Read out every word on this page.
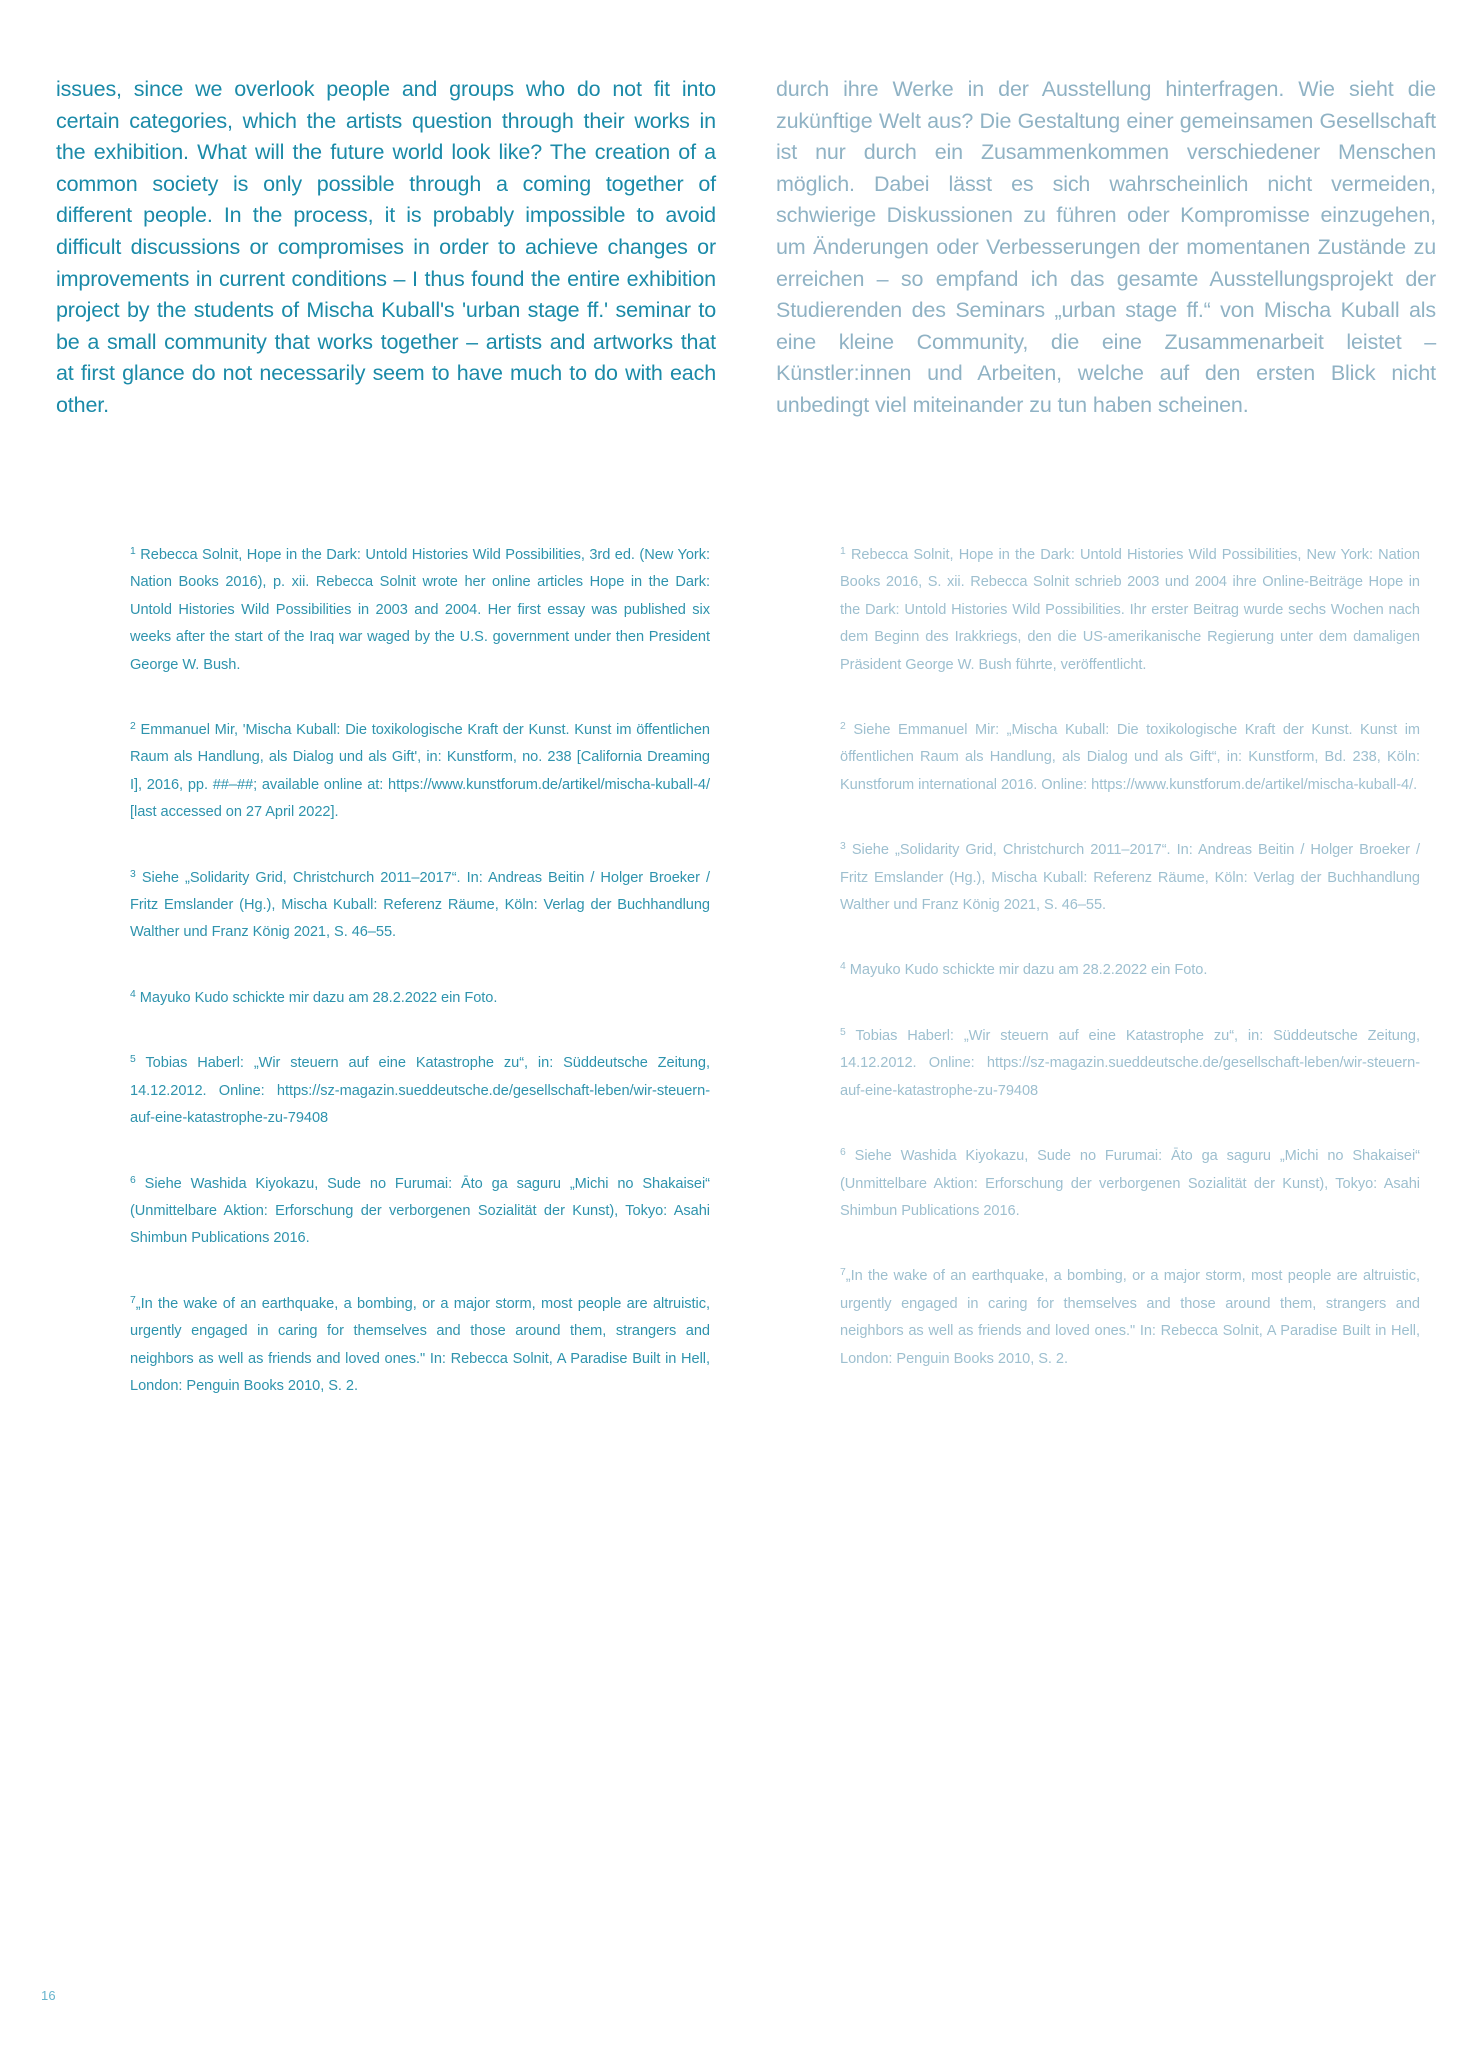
issues, since we overlook people and groups who do not fit into certain categories, which the artists question through their works in the exhibition. What will the future world look like? The creation of a common society is only possible through a coming together of different people. In the process, it is probably impossible to avoid difficult discussions or compromises in order to achieve changes or improvements in current conditions – I thus found the entire exhibition project by the students of Mischa Kuball's 'urban stage ff.' seminar to be a small community that works together – artists and artworks that at first glance do not necessarily seem to have much to do with each other.

durch ihre Werke in der Ausstellung hinterfragen. Wie sieht die zukünftige Welt aus? Die Gestaltung einer gemeinsamen Gesellschaft ist nur durch ein Zusammenkommen verschiedener Menschen möglich. Dabei lässt es sich wahrscheinlich nicht vermeiden, schwierige Diskussionen zu führen oder Kompromisse einzugehen, um Änderungen oder Verbesserungen der momentanen Zustände zu erreichen – so empfand ich das gesamte Ausstellungsprojekt der Studierenden des Seminars „urban stage ff.“ von Mischa Kuball als eine kleine Community, die eine Zusammenarbeit leistet – Künstler:innen und Arbeiten, welche auf den ersten Blick nicht unbedingt viel miteinander zu tun haben scheinen.

$^1$ Rebecca Solnit, Hope in the Dark: Untold Histories Wild Possibilities, 3rd ed. (New York: Nation Books 2016), p. xii. Rebecca Solnit wrote her online articles Hope in the Dark: Untold Histories Wild Possibilities in 2003 and 2004. Her first essay was published six weeks after the start of the Iraq war waged by the U.S. government under then President George W. Bush.

$^2$ Emmanuel Mir, 'Mischa Kuball: Die toxikologische Kraft der Kunst. Kunst im öffentlichen Raum als Handlung, als Dialog und als Gift', in: Kunstform, no. 238 [California Dreaming I], 2016, pp. ##–##; available online at: https://www.kunstforum.de/artikel/mischa-kuball-4/ [last accessed on 27 April 2022].

$^3$ Siehe „Solidarity Grid, Christchurch 2011–2017“. In: Andreas Beitin / Holger Broeker / Fritz Emslander (Hg.), Mischa Kuball: Referenz Räume, Köln: Verlag der Buchhandlung Walther und Franz König 2021, S. 46–55.

$^4$ Mayuko Kudo schickte mir dazu am 28.2.2022 ein Foto.

$^5$ Tobias Haberl: „Wir steuern auf eine Katastrophe zu“, in: Süddeutsche Zeitung, 14.12.2012. Online: https://sz-magazin.sueddeutsche.de/gesellschaft-leben/wir-steuern-auf-eine-katastrophe-zu-79408

$^6$ Siehe Washida Kiyokazu, Sude no Furumai: Āto ga saguru „Michi no Shakaisei“ (Unmittelbare Aktion: Erforschung der verborgenen Sozialität der Kunst), Tokyo: Asahi Shimbun Publications 2016.

$^7$„In the wake of an earthquake, a bombing, or a major storm, most people are altruistic, urgently engaged in caring for themselves and those around them, strangers and neighbors as well as friends and loved ones." In: Rebecca Solnit, A Paradise Built in Hell, London: Penguin Books 2010, S. 2.

$^1$ Rebecca Solnit, Hope in the Dark: Untold Histories Wild Possibilities, New York: Nation Books 2016, S. xii. Rebecca Solnit schrieb 2003 und 2004 ihre Online-Beiträge Hope in the Dark: Untold Histories Wild Possibilities. Ihr erster Beitrag wurde sechs Wochen nach dem Beginn des Irakkriegs, den die US-amerikanische Regierung unter dem damaligen Präsident George W. Bush führte, veröffentlicht.

$^2$ Siehe Emmanuel Mir: „Mischa Kuball: Die toxikologische Kraft der Kunst. Kunst im öffentlichen Raum als Handlung, als Dialog und als Gift“, in: Kunstform, Bd. 238, Köln: Kunstforum international 2016. Online: https://www.kunstforum.de/artikel/mischa-kuball-4/.

$^3$ Siehe „Solidarity Grid, Christchurch 2011–2017“. In: Andreas Beitin / Holger Broeker / Fritz Emslander (Hg.), Mischa Kuball: Referenz Räume, Köln: Verlag der Buchhandlung Walther und Franz König 2021, S. 46–55.

$^4$ Mayuko Kudo schickte mir dazu am 28.2.2022 ein Foto.

$^5$ Tobias Haberl: „Wir steuern auf eine Katastrophe zu“, in: Süddeutsche Zeitung, 14.12.2012. Online: https://sz-magazin.sueddeutsche.de/gesellschaft-leben/wir-steuern-auf-eine-katastrophe-zu-79408

$^6$ Siehe Washida Kiyokazu, Sude no Furumai: Āto ga saguru „Michi no Shakaisei“ (Unmittelbare Aktion: Erforschung der verborgenen Sozialität der Kunst), Tokyo: Asahi Shimbun Publications 2016.

$^7$„In the wake of an earthquake, a bombing, or a major storm, most people are altruistic, urgently engaged in caring for themselves and those around them, strangers and neighbors as well as friends and loved ones." In: Rebecca Solnit, A Paradise Built in Hell, London: Penguin Books 2010, S. 2.

16
